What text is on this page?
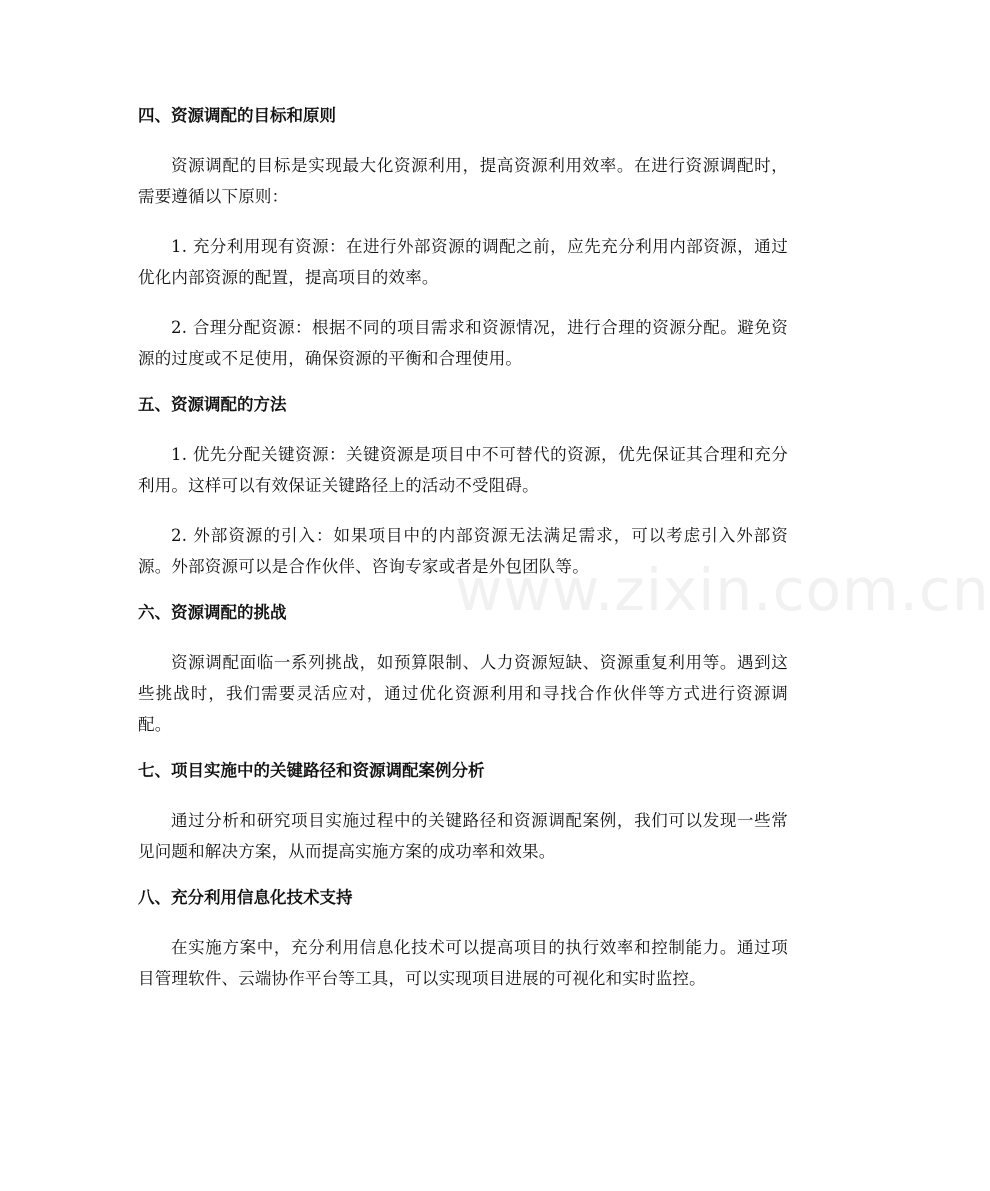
www.zixin.com.cn
四、资源调配的目标和原则

资源调配的目标是实现最大化资源利用，提高资源利用效率。在进行资源调配时，需要遵循以下原则：

1. 充分利用现有资源：在进行外部资源的调配之前，应先充分利用内部资源，通过优化内部资源的配置，提高项目的效率。

2. 合理分配资源：根据不同的项目需求和资源情况，进行合理的资源分配。避免资源的过度或不足使用，确保资源的平衡和合理使用。

五、资源调配的方法

1. 优先分配关键资源：关键资源是项目中不可替代的资源，优先保证其合理和充分利用。这样可以有效保证关键路径上的活动不受阻碍。

2. 外部资源的引入：如果项目中的内部资源无法满足需求，可以考虑引入外部资源。外部资源可以是合作伙伴、咨询专家或者是外包团队等。

六、资源调配的挑战

资源调配面临一系列挑战，如预算限制、人力资源短缺、资源重复利用等。遇到这些挑战时，我们需要灵活应对，通过优化资源利用和寻找合作伙伴等方式进行资源调配。

七、项目实施中的关键路径和资源调配案例分析

通过分析和研究项目实施过程中的关键路径和资源调配案例，我们可以发现一些常见问题和解决方案，从而提高实施方案的成功率和效果。

八、充分利用信息化技术支持

在实施方案中，充分利用信息化技术可以提高项目的执行效率和控制能力。通过项目管理软件、云端协作平台等工具，可以实现项目进展的可视化和实时监控。
